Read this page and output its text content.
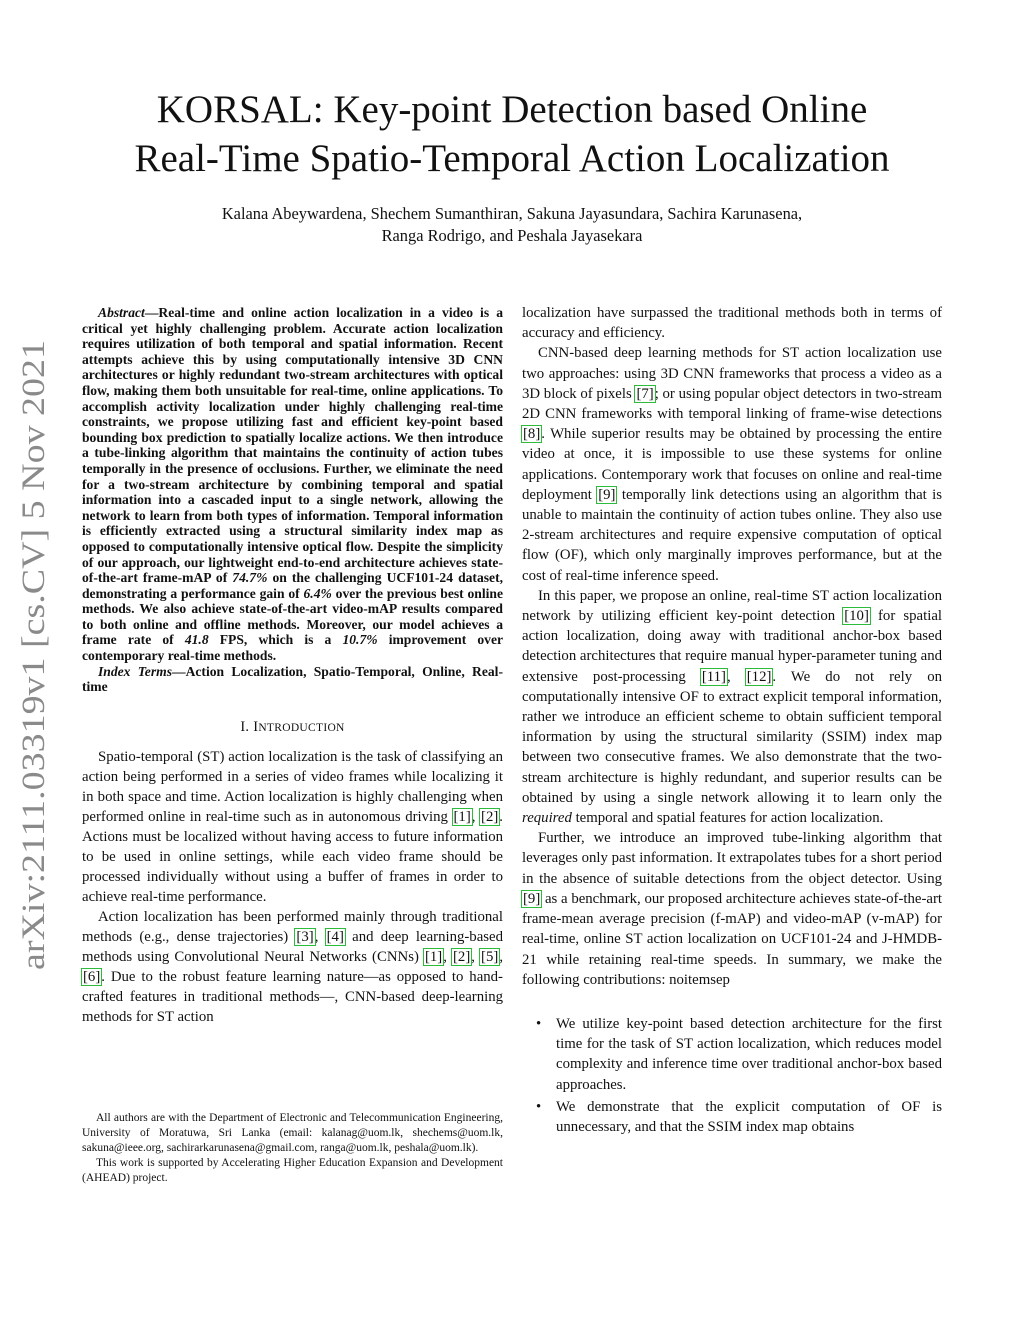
arXiv:2111.03319v1 [cs.CV] 5 Nov 2021
KORSAL: Key-point Detection based Online
Real-Time Spatio-Temporal Action Localization
Kalana Abeywardena, Shechem Sumanthiran, Sakuna Jayasundara, Sachira Karunasena,
Ranga Rodrigo, and Peshala Jayasekara

Abstract—Real-time and online action localization in a video is a critical yet highly challenging problem. Accurate action localization requires utilization of both temporal and spatial information. Recent attempts achieve this by using computationally intensive 3D CNN architectures or highly redundant two-stream architectures with optical flow, making them both unsuitable for real-time, online applications. To accomplish activity localization under highly challenging real-time constraints, we propose utilizing fast and efficient key-point based bounding box prediction to spatially localize actions. We then introduce a tube-linking algorithm that maintains the continuity of action tubes temporally in the presence of occlusions. Further, we eliminate the need for a two-stream architecture by combining temporal and spatial information into a cascaded input to a single network, allowing the network to learn from both types of information. Temporal information is efficiently extracted using a structural similarity index map as opposed to computationally intensive optical flow. Despite the simplicity of our approach, our lightweight end-to-end architecture achieves state-of-the-art frame-mAP of 74.7% on the challenging UCF101-24 dataset, demonstrating a performance gain of 6.4% over the previous best online methods. We also achieve state-of-the-art video-mAP results compared to both online and offline methods. Moreover, our model achieves a frame rate of 41.8 FPS, which is a 10.7% improvement over contemporary real-time methods.

Index Terms—Action Localization, Spatio-Temporal, Online, Real-time

I. INTRODUCTION

Spatio-temporal (ST) action localization is the task of classifying an action being performed in a series of video frames while localizing it in both space and time. Action localization is highly challenging when performed online in real-time such as in autonomous driving [1], [2]. Actions must be localized without having access to future information to be used in online settings, while each video frame should be processed individually without using a buffer of frames in order to achieve real-time performance.

Action localization has been performed mainly through traditional methods (e.g., dense trajectories) [3], [4] and deep learning-based methods using Convolutional Neural Networks (CNNs) [1], [2], [5], [6]. Due to the robust feature learning nature—as opposed to hand-crafted features in traditional methods—, CNN-based deep-learning methods for ST action

All authors are with the Department of Electronic and Telecommunication Engineering, University of Moratuwa, Sri Lanka (email: kalanag@uom.lk, shechems@uom.lk, sakuna@ieee.org, sachirarkarunasena@gmail.com, ranga@uom.lk, peshala@uom.lk).

This work is supported by Accelerating Higher Education Expansion and Development (AHEAD) project.

localization have surpassed the traditional methods both in terms of accuracy and efficiency.

CNN-based deep learning methods for ST action localization use two approaches: using 3D CNN frameworks that process a video as a 3D block of pixels [7]; or using popular object detectors in two-stream 2D CNN frameworks with temporal linking of frame-wise detections [8]. While superior results may be obtained by processing the entire video at once, it is impossible to use these systems for online applications. Contemporary work that focuses on online and real-time deployment [9] temporally link detections using an algorithm that is unable to maintain the continuity of action tubes online. They also use 2-stream architectures and require expensive computation of optical flow (OF), which only marginally improves performance, but at the cost of real-time inference speed.

In this paper, we propose an online, real-time ST action localization network by utilizing efficient key-point detection [10] for spatial action localization, doing away with traditional anchor-box based detection architectures that require manual hyper-parameter tuning and extensive post-processing [11], [12]. We do not rely on computationally intensive OF to extract explicit temporal information, rather we introduce an efficient scheme to obtain sufficient temporal information by using the structural similarity (SSIM) index map between two consecutive frames. We also demonstrate that the two-stream architecture is highly redundant, and superior results can be obtained by using a single network allowing it to learn only the required temporal and spatial features for action localization.

Further, we introduce an improved tube-linking algorithm that leverages only past information. It extrapolates tubes for a short period in the absence of suitable detections from the object detector. Using [9] as a benchmark, our proposed architecture achieves state-of-the-art frame-mean average precision (f-mAP) and video-mAP (v-mAP) for real-time, online ST action localization on UCF101-24 and J-HMDB-21 while retaining real-time speeds. In summary, we make the following contributions: noitemsep

• We utilize key-point based detection architecture for the first time for the task of ST action localization, which reduces model complexity and inference time over traditional anchor-box based approaches.
• We demonstrate that the explicit computation of OF is unnecessary, and that the SSIM index map obtains
